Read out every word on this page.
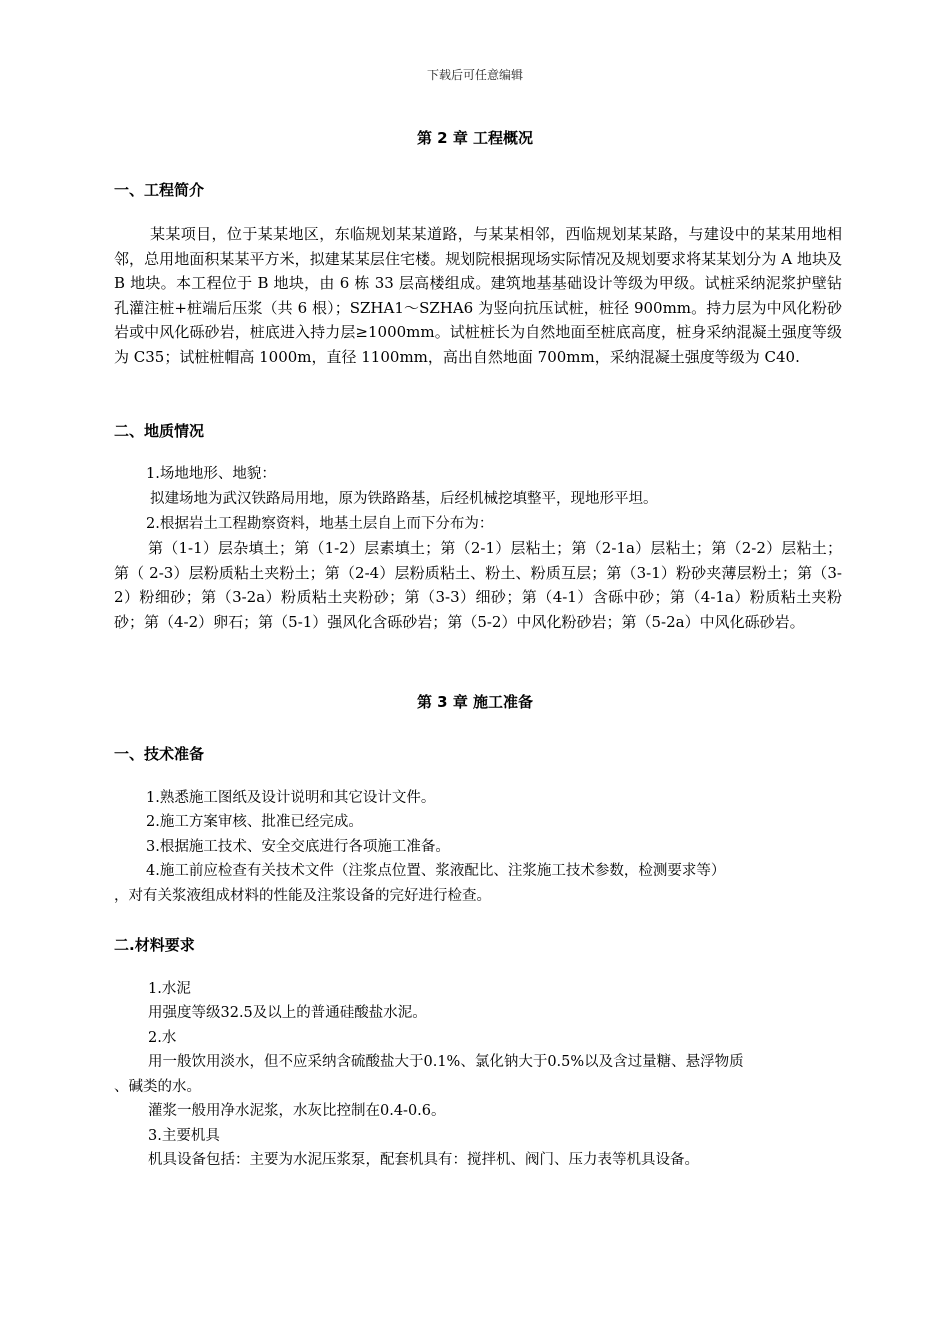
下载后可任意编辑
第 2 章 工程概况
一、工程简介
某某项目，位于某某地区，东临规划某某道路，与某某相邻，西临规划某某路，与建设中的某某用地相邻，总用地面积某某平方米，拟建某某层住宅楼。规划院根据现场实际情况及规划要求将某某划分为 A 地块及 B 地块。本工程位于 B 地块，由 6 栋 33 层高楼组成。建筑地基基础设计等级为甲级。试桩采纳泥浆护壁钻孔灌注桩+桩端后压浆（共 6 根）；SZHA1～SZHA6 为竖向抗压试桩，桩径 900mm。持力层为中风化粉砂岩或中风化砾砂岩，桩底进入持力层≥1000mm。试桩桩长为自然地面至桩底高度，桩身采纳混凝土强度等级为 C35；试桩桩帽高 1000m，直径 1100mm，高出自然地面 700mm，采纳混凝土强度等级为 C40.
二、地质情况
1.场地地形、地貌：
拟建场地为武汉铁路局用地，原为铁路路基，后经机械挖填整平，现地形平坦。
2.根据岩土工程勘察资料，地基土层自上而下分布为：
第（1-1）层杂填土；第（1-2）层素填土；第（2-1）层粘土；第（2-1a）层粘土；第（2-2）层粘土；第（ 2-3）层粉质粘土夹粉土；第（2-4）层粉质粘土、粉土、粉质互层；第（3-1）粉砂夹薄层粉土；第（3-2）粉细砂；第（3-2a）粉质粘土夹粉砂；第（3-3）细砂；第（4-1）含砾中砂；第（4-1a）粉质粘土夹粉砂；第（4-2）卵石；第（5-1）强风化含砾砂岩；第（5-2）中风化粉砂岩；第（5-2a）中风化砾砂岩。
第 3 章 施工准备
一、技术准备
1.熟悉施工图纸及设计说明和其它设计文件。
2.施工方案审核、批准已经完成。
3.根据施工技术、安全交底进行各项施工准备。
4.施工前应检查有关技术文件（注浆点位置、浆液配比、注浆施工技术参数，检测要求等）
，对有关浆液组成材料的性能及注浆设备的完好进行检查。
二.材料要求
1.水泥
用强度等级32.5及以上的普通硅酸盐水泥。
2.水
用一般饮用淡水，但不应采纳含硫酸盐大于0.1%、氯化钠大于0.5%以及含过量糖、悬浮物质
、碱类的水。
灌浆一般用净水泥浆，水灰比控制在0.4-0.6。
3.主要机具
机具设备包括：主要为水泥压浆泵，配套机具有：搅拌机、阀门、压力表等机具设备。
